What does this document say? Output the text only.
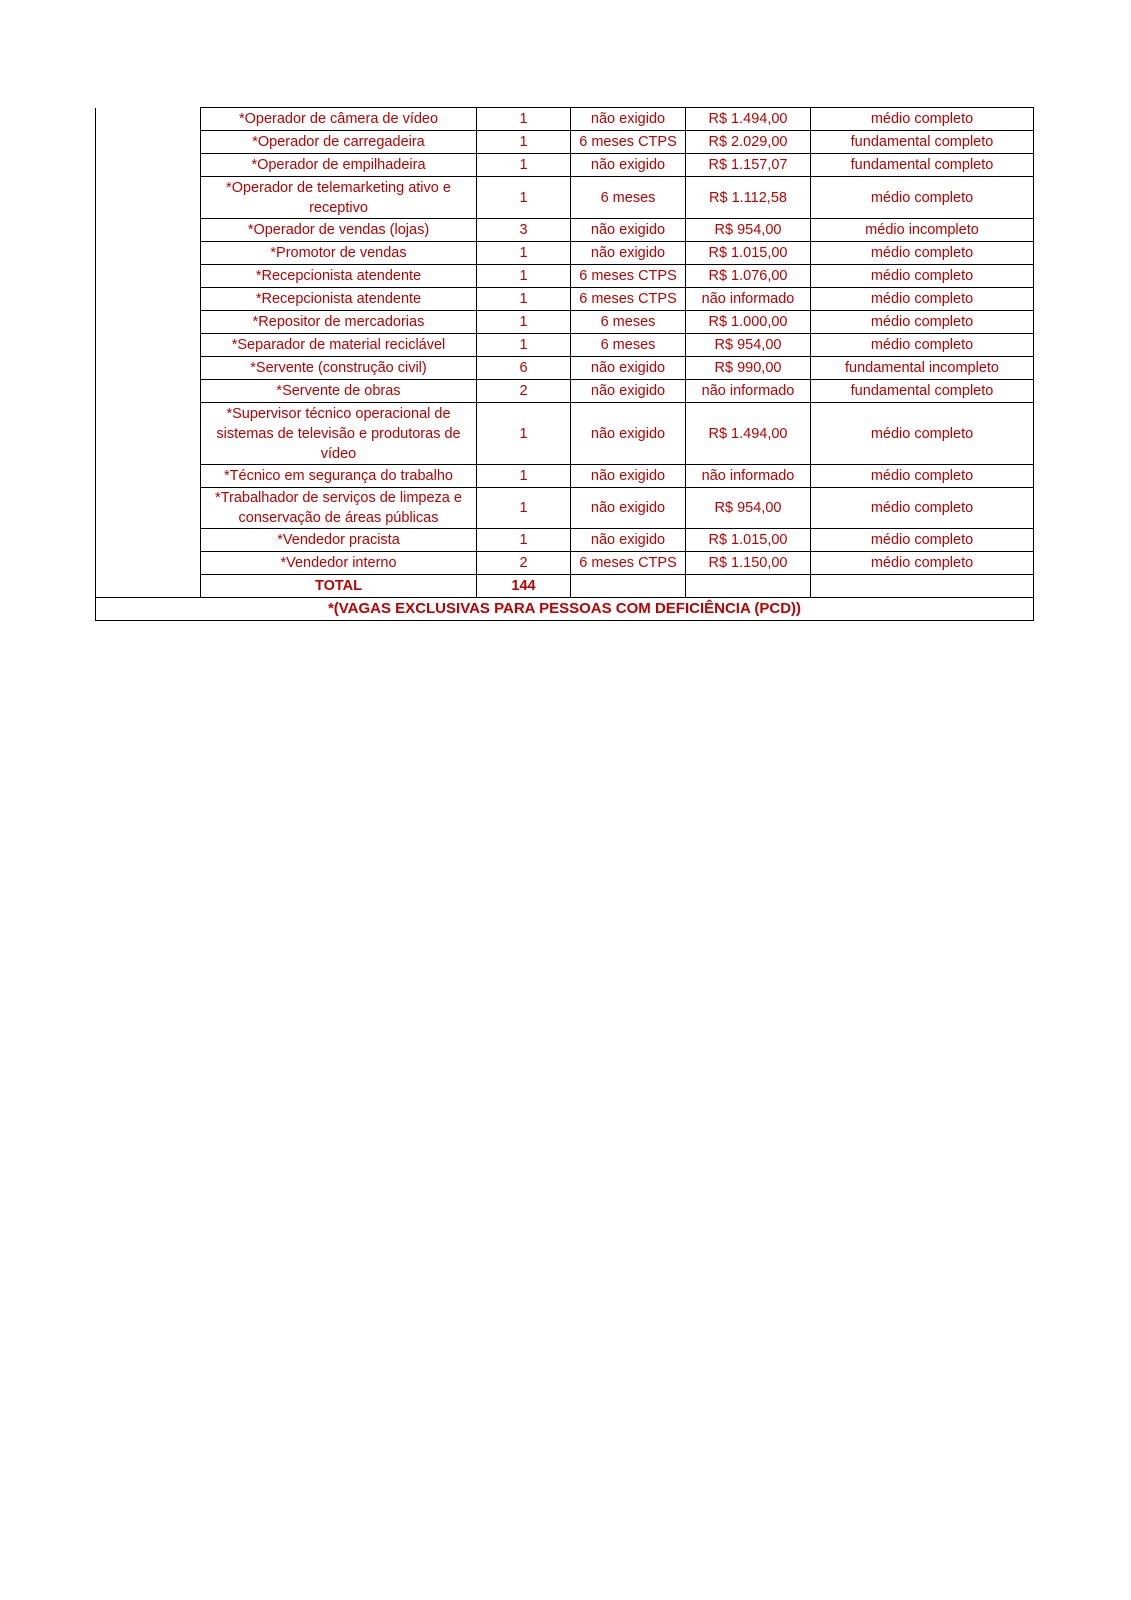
	*Operador de câmera de vídeo	1	não exigido	R$ 1.494,00	médio completo
	*Operador de carregadeira	1	6 meses CTPS	R$ 2.029,00	fundamental completo
	*Operador de empilhadeira	1	não exigido	R$ 1.157,07	fundamental completo
	*Operador de telemarketing ativo e receptivo	1	6 meses	R$ 1.112,58	médio completo
	*Operador de vendas (lojas)	3	não exigido	R$ 954,00	médio incompleto
	*Promotor de vendas	1	não exigido	R$ 1.015,00	médio completo
	*Recepcionista atendente	1	6 meses CTPS	R$ 1.076,00	médio completo
	*Recepcionista atendente	1	6 meses CTPS	não informado	médio completo
	*Repositor de mercadorias	1	6 meses	R$ 1.000,00	médio completo
	*Separador de material reciclável	1	6 meses	R$ 954,00	médio completo
	*Servente (construção civil)	6	não exigido	R$ 990,00	fundamental incompleto
	*Servente de obras	2	não exigido	não informado	fundamental completo
	*Supervisor técnico operacional de sistemas de televisão e produtoras de vídeo	1	não exigido	R$ 1.494,00	médio completo
	*Técnico em segurança do trabalho	1	não exigido	não informado	médio completo
	*Trabalhador de serviços de limpeza e conservação de áreas públicas	1	não exigido	R$ 954,00	médio completo
	*Vendedor pracista	1	não exigido	R$ 1.015,00	médio completo
	*Vendedor interno	2	6 meses CTPS	R$ 1.150,00	médio completo
	TOTAL	144			
*(VAGAS EXCLUSIVAS PARA PESSOAS COM DEFICIÊNCIA (PCD))					
